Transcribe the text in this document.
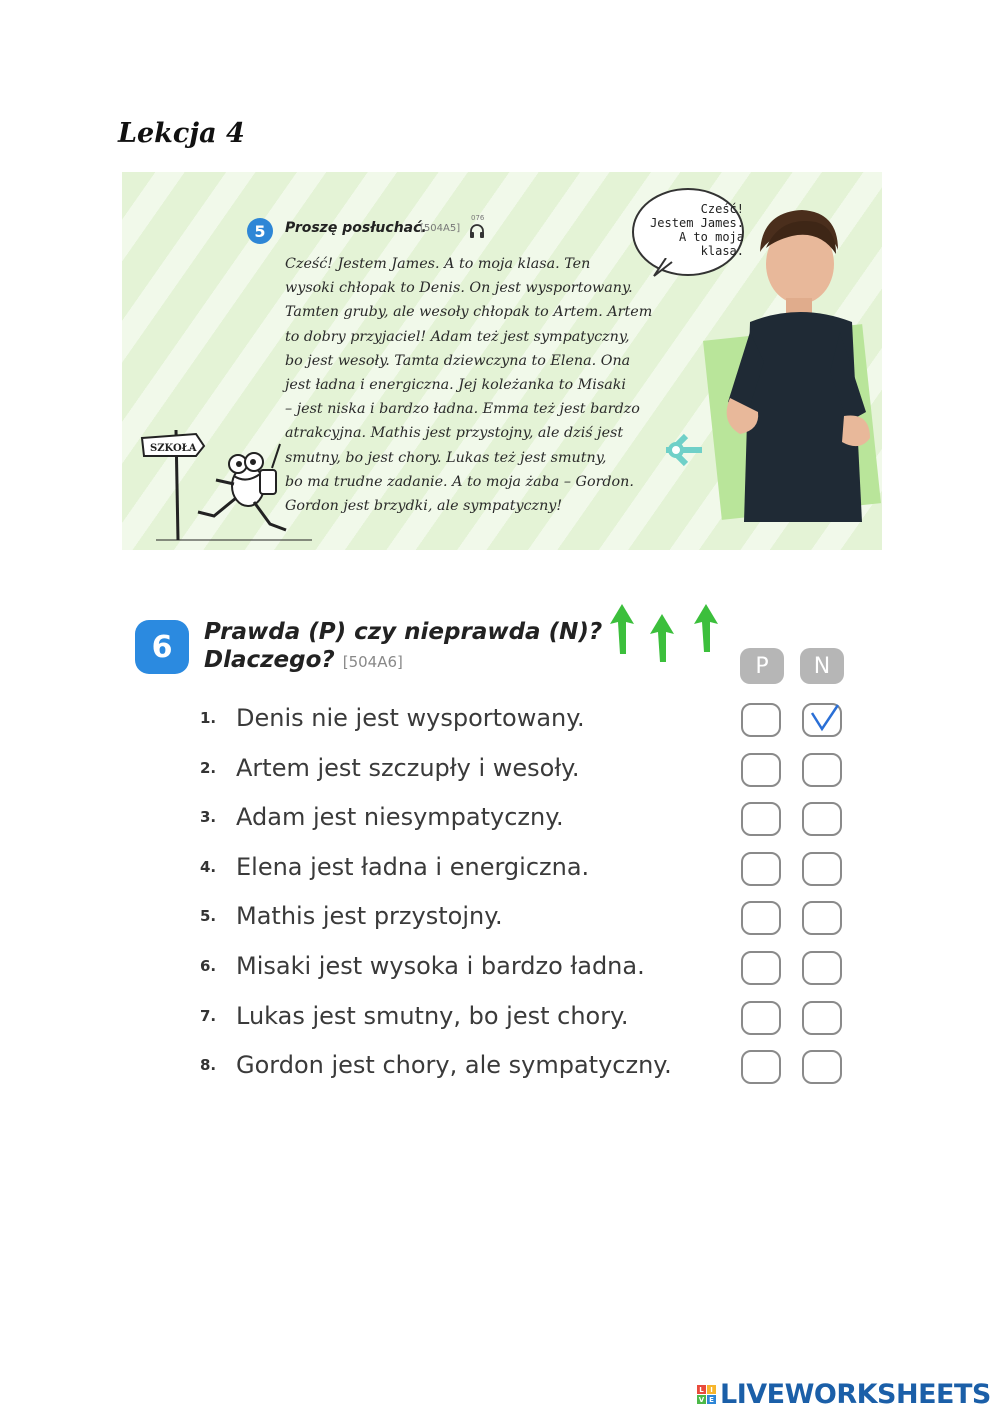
Lekcja 4
5	Proszę posłuchać.
[504A5]
076
Cześć! Jestem James. A to moja klasa. Ten
wysoki chłopak to Denis. On jest wysportowany.
Tamten gruby, ale wesoły chłopak to Artem. Artem
to dobry przyjaciel! Adam też jest sympatyczny,
bo jest wesoły. Tamta dziewczyna to Elena. Ona
jest ładna i energiczna. Jej koleżanka to Misaki
– jest niska i bardzo ładna. Emma też jest bardzo
atrakcyjna. Mathis jest przystojny, ale dziś jest
smutny, bo jest chory. Lukas też jest smutny,
bo ma trudne zadanie. A to moja żaba – Gordon.
Gordon jest brzydki, ale sympatyczny!
SZKOŁA
Cześć!
Jestem James.
A to moja
klasa.
6	Prawda (P) czy nieprawda (N)?
Dlaczego? [504A6]	P	N
1. Denis nie jest wysportowany.
2. Artem jest szczupły i wesoły.
3. Adam jest niesympatyczny.
4. Elena jest ładna i energiczna.
5. Mathis jest przystojny.
6. Misaki jest wysoka i bardzo ładna.
7. Lukas jest smutny, bo jest chory.
8. Gordon jest chory, ale sympatyczny.
L I
V E LIVEWORKSHEETS
